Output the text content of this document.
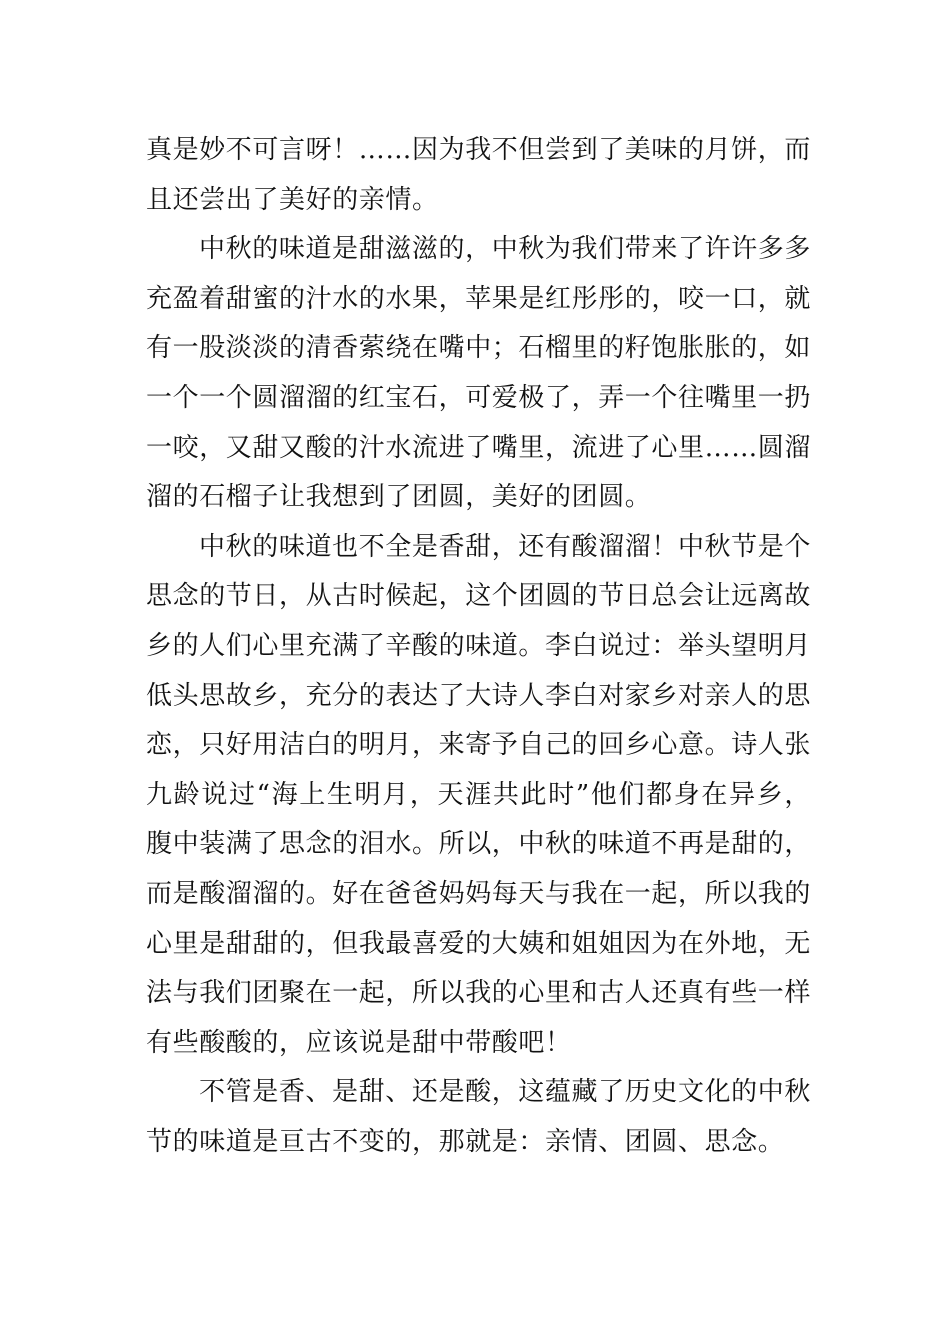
真是妙不可言呀！……因为我不但尝到了美味的月饼，而且还尝出了美好的亲情。

中秋的味道是甜滋滋的，中秋为我们带来了许许多多充盈着甜蜜的汁水的水果，苹果是红彤彤的，咬一口，就有一股淡淡的清香萦绕在嘴中；石榴里的籽饱胀胀的，如一个一个圆溜溜的红宝石，可爱极了，弄一个往嘴里一扔一咬，又甜又酸的汁水流进了嘴里，流进了心里……圆溜溜的石榴子让我想到了团圆，美好的团圆。

中秋的味道也不全是香甜，还有酸溜溜！中秋节是个思念的节日，从古时候起，这个团圆的节日总会让远离故乡的人们心里充满了辛酸的味道。李白说过：举头望明月低头思故乡，充分的表达了大诗人李白对家乡对亲人的思恋，只好用洁白的明月，来寄予自己的回乡心意。诗人张九龄说过“海上生明月，天涯共此时”他们都身在异乡，腹中装满了思念的泪水。所以，中秋的味道不再是甜的，而是酸溜溜的。好在爸爸妈妈每天与我在一起，所以我的心里是甜甜的，但我最喜爱的大姨和姐姐因为在外地，无法与我们团聚在一起，所以我的心里和古人还真有些一样有些酸酸的，应该说是甜中带酸吧！

不管是香、是甜、还是酸，这蕴藏了历史文化的中秋节的味道是亘古不变的，那就是：亲情、团圆、思念。
